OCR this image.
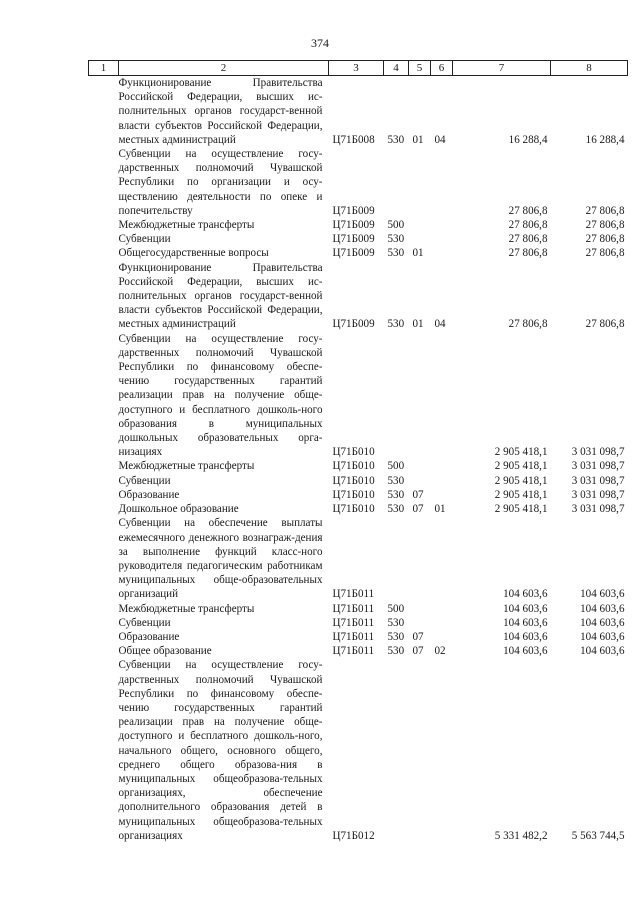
374
1	2	3	4	5	6	7	8
	Функционирование Правительства Российской Федерации, высших ис-полнительных органов государст-венной власти субъектов Российской Федерации, местных администраций	Ц71Б008	530	01	04	16 288,4	16 288,4
	Субвенции на осуществление госу-дарственных полномочий Чувашской Республики по организации и осу-ществлению деятельности по опеке и попечительству	Ц71Б009				27 806,8	27 806,8
	Межбюджетные трансферты	Ц71Б009	500			27 806,8	27 806,8
	Субвенции	Ц71Б009	530			27 806,8	27 806,8
	Общегосударственные вопросы	Ц71Б009	530	01		27 806,8	27 806,8
	Функционирование Правительства Российской Федерации, высших ис-полнительных органов государст-венной власти субъектов Российской Федерации, местных администраций	Ц71Б009	530	01	04	27 806,8	27 806,8
	Субвенции на осуществление госу-дарственных полномочий Чувашской Республики по финансовому обеспе-чению государственных гарантий реализации прав на получение обще-доступного и бесплатного дошколь-ного образования в муниципальных дошкольных образовательных орга-низациях	Ц71Б010				2 905 418,1	3 031 098,7
	Межбюджетные трансферты	Ц71Б010	500			2 905 418,1	3 031 098,7
	Субвенции	Ц71Б010	530			2 905 418,1	3 031 098,7
	Образование	Ц71Б010	530	07		2 905 418,1	3 031 098,7
	Дошкольное образование	Ц71Б010	530	07	01	2 905 418,1	3 031 098,7
	Субвенции на обеспечение выплаты ежемесячного денежного вознаграж-дения за выполнение функций класс-ного руководителя педагогическим работникам муниципальных обще-образовательных организаций	Ц71Б011				104 603,6	104 603,6
	Межбюджетные трансферты	Ц71Б011	500			104 603,6	104 603,6
	Субвенции	Ц71Б011	530			104 603,6	104 603,6
	Образование	Ц71Б011	530	07		104 603,6	104 603,6
	Общее образование	Ц71Б011	530	07	02	104 603,6	104 603,6
	Субвенции на осуществление госу-дарственных полномочий Чувашской Республики по финансовому обеспе-чению государственных гарантий реализации прав на получение обще-доступного и бесплатного дошколь-ного, начального общего, основного общего, среднего общего образова-ния в муниципальных общеобразова-тельных организациях, обеспечение дополнительного образования детей в муниципальных общеобразова-тельных организациях	Ц71Б012				5 331 482,2	5 563 744,5
